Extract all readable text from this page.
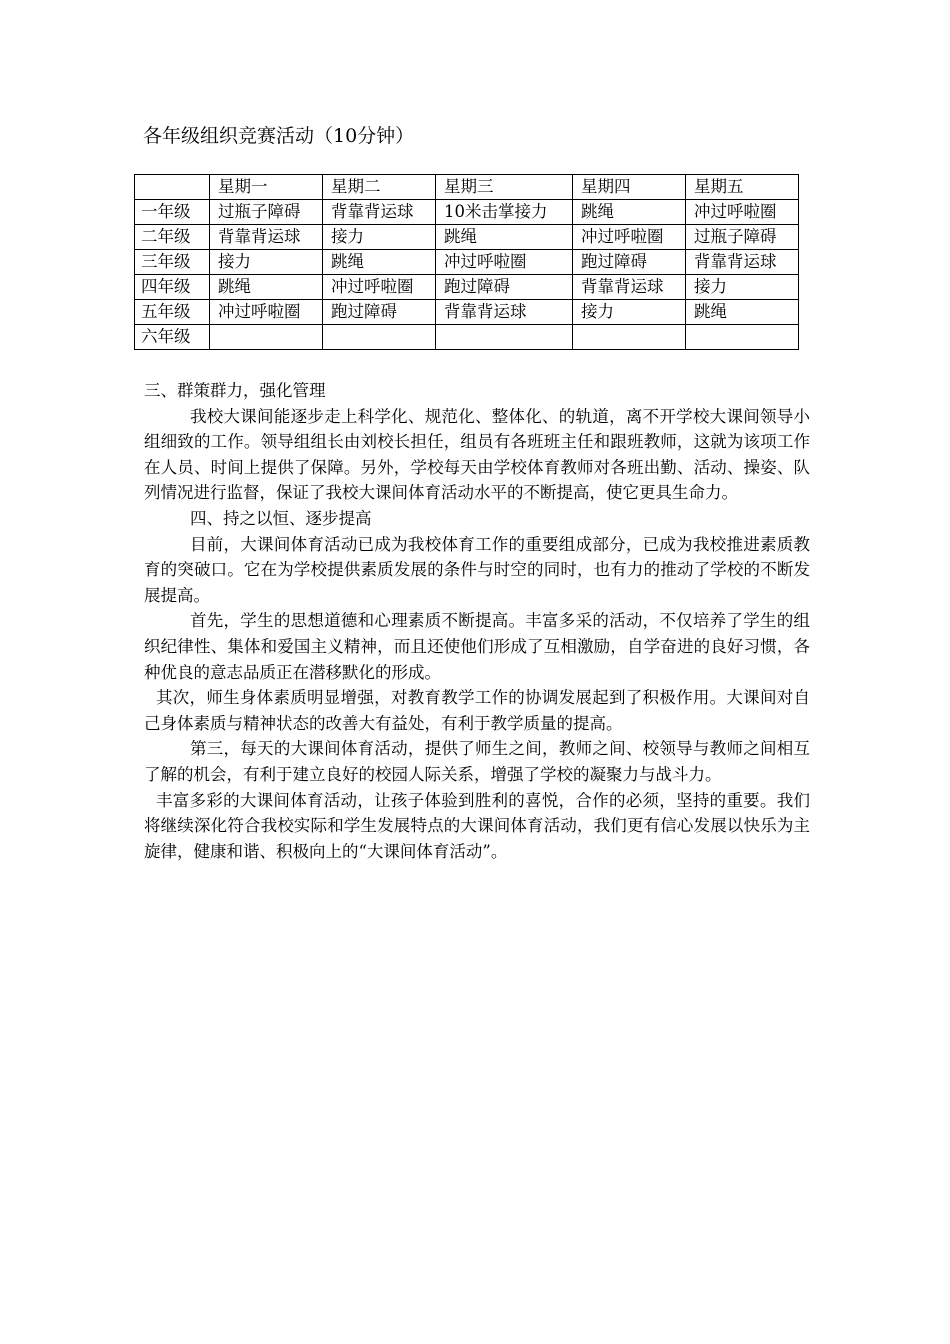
各年级组织竞赛活动（10分钟）
	星期一	星期二	星期三	星期四	星期五
一年级	过瓶子障碍	背靠背运球	10米击掌接力	跳绳	冲过呼啦圈
二年级	背靠背运球	接力	跳绳	冲过呼啦圈	过瓶子障碍
三年级	接力	跳绳	冲过呼啦圈	跑过障碍	背靠背运球
四年级	跳绳	冲过呼啦圈	跑过障碍	背靠背运球	接力
五年级	冲过呼啦圈	跑过障碍	背靠背运球	接力	跳绳
六年级					

三、群策群力，强化管理

我校大课间能逐步走上科学化、规范化、整体化、的轨道，离不开学校大课间领导小组细致的工作。领导组组长由刘校长担任，组员有各班班主任和跟班教师，这就为该项工作在人员、时间上提供了保障。另外，学校每天由学校体育教师对各班出勤、活动、操姿、队列情况进行监督，保证了我校大课间体育活动水平的不断提高，使它更具生命力。

四、持之以恒、逐步提高

目前，大课间体育活动已成为我校体育工作的重要组成部分，已成为我校推进素质教育的突破口。它在为学校提供素质发展的条件与时空的同时，也有力的推动了学校的不断发展提高。

首先，学生的思想道德和心理素质不断提高。丰富多采的活动，不仅培养了学生的组织纪律性、集体和爱国主义精神，而且还使他们形成了互相激励，自学奋进的良好习惯，各种优良的意志品质正在潜移默化的形成。

其次，师生身体素质明显增强，对教育教学工作的协调发展起到了积极作用。大课间对自己身体素质与精神状态的改善大有益处，有利于教学质量的提高。

第三，每天的大课间体育活动，提供了师生之间，教师之间、校领导与教师之间相互了解的机会，有利于建立良好的校园人际关系，增强了学校的凝聚力与战斗力。

丰富多彩的大课间体育活动，让孩子体验到胜利的喜悦，合作的必须，坚持的重要。我们将继续深化符合我校实际和学生发展特点的大课间体育活动，我们更有信心发展以快乐为主旋律，健康和谐、积极向上的“大课间体育活动”。
